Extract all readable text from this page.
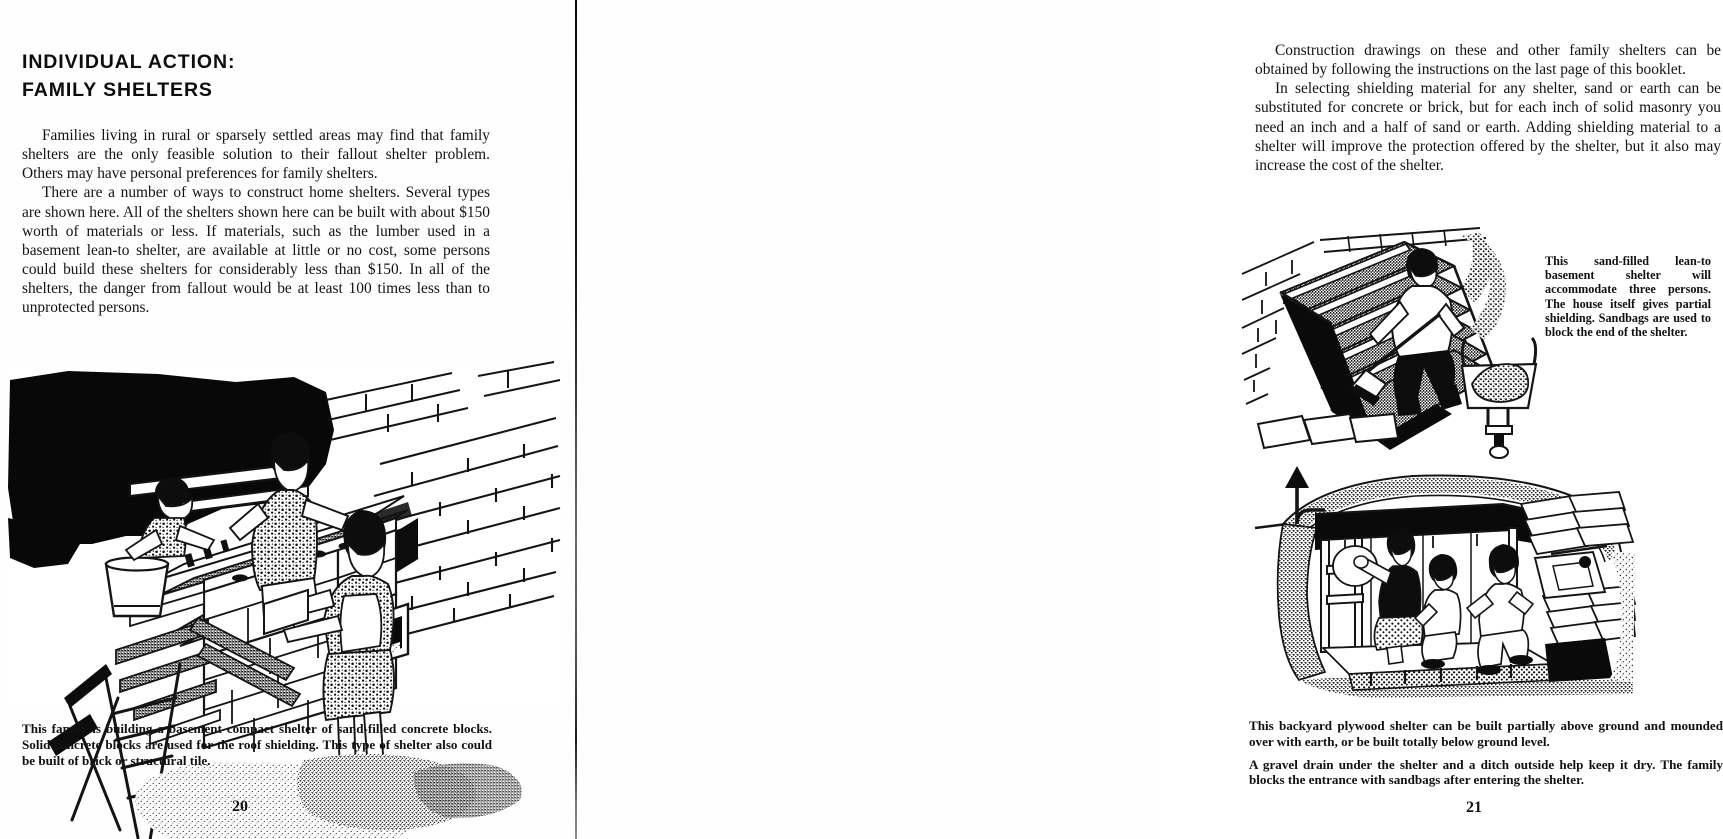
INDIVIDUAL ACTION:
FAMILY SHELTERS

Families living in rural or sparsely settled areas may find that family shelters are the only feasible solution to their fallout shelter problem. Others may have personal preferences for family shelters.

There are a number of ways to construct home shelters. Several types are shown here. All of the shelters shown here can be built with about $150 worth of materials or less. If materials, such as the lumber used in a basement lean-to shelter, are available at little or no cost, some persons could build these shelters for considerably less than $150. In all of the shelters, the danger from fallout would be at least 100 times less than to unprotected persons.

This family is building a basement compact shelter of sand-filled concrete blocks. Solid concrete blocks are used for the roof shielding. This type of shelter also could be built of brick or structural tile.

20

Construction drawings on these and other family shelters can be obtained by following the instructions on the last page of this booklet.

In selecting shielding material for any shelter, sand or earth can be substituted for concrete or brick, but for each inch of solid masonry you need an inch and a half of sand or earth. Adding shielding material to a shelter will improve the protection offered by the shelter, but it also may increase the cost of the shelter.

This sand-filled lean-to basement shelter will accommodate three persons. The house itself gives partial shielding. Sandbags are used to block the end of the shelter.

This backyard plywood shelter can be built partially above ground and mounded over with earth, or be built totally below ground level.

A gravel drain under the shelter and a ditch outside help keep it dry. The family blocks the entrance with sandbags after entering the shelter.

21
